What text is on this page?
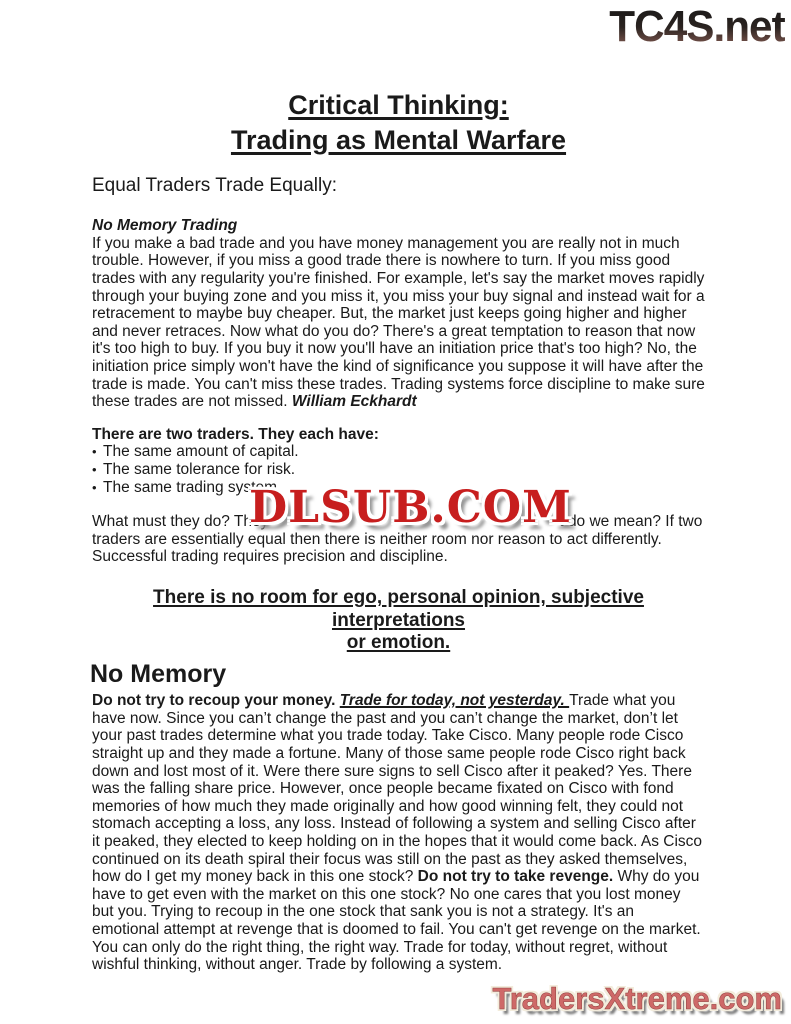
TC4S.net
Critical Thinking:
Trading as Mental Warfare
Equal Traders Trade Equally:
No Memory Trading

If you make a bad trade and you have money management you are really not in much trouble. However, if you miss a good trade there is nowhere to turn. If you miss good trades with any regularity you're finished. For example, let's say the market moves rapidly through your buying zone and you miss it, you miss your buy signal and instead wait for a retracement to maybe buy cheaper. But, the market just keeps going higher and higher and never retraces. Now what do you do? There's a great temptation to reason that now it's too high to buy. If you buy it now you'll have an initiation price that's too high? No, the initiation price simply won't have the kind of significance you suppose it will have after the trade is made. You can't miss these trades. Trading systems force discipline to make sure these trades are not missed. William Eckhardt

There are two traders. They each have:
• The same amount of capital.
• The same tolerance for risk.
• The same trading system.
What must they do? They	t do we mean? If two
traders are essentially equal then there is neither room nor reason to act differently.
Successful trading requires precision and discipline.
There is no room for ego, personal opinion, subjective interpretations
or emotion.
No Memory

Do not try to recoup your money. Trade for today, not yesterday. Trade what you have now. Since you can’t change the past and you can’t change the market, don’t let your past trades determine what you trade today. Take Cisco. Many people rode Cisco straight up and they made a fortune. Many of those same people rode Cisco right back down and lost most of it. Were there sure signs to sell Cisco after it peaked? Yes. There was the falling share price. However, once people became fixated on Cisco with fond memories of how much they made originally and how good winning felt, they could not stomach accepting a loss, any loss. Instead of following a system and selling Cisco after it peaked, they elected to keep holding on in the hopes that it would come back. As Cisco continued on its death spiral their focus was still on the past as they asked themselves, how do I get my money back in this one stock? Do not try to take revenge. Why do you have to get even with the market on this one stock? No one cares that you lost money but you. Trying to recoup in the one stock that sank you is not a strategy. It's an emotional attempt at revenge that is doomed to fail. You can't get revenge on the market. You can only do the right thing, the right way. Trade for today, without regret, without wishful thinking, without anger. Trade by following a system.

DLSUB.COM
TradersXtreme.com
